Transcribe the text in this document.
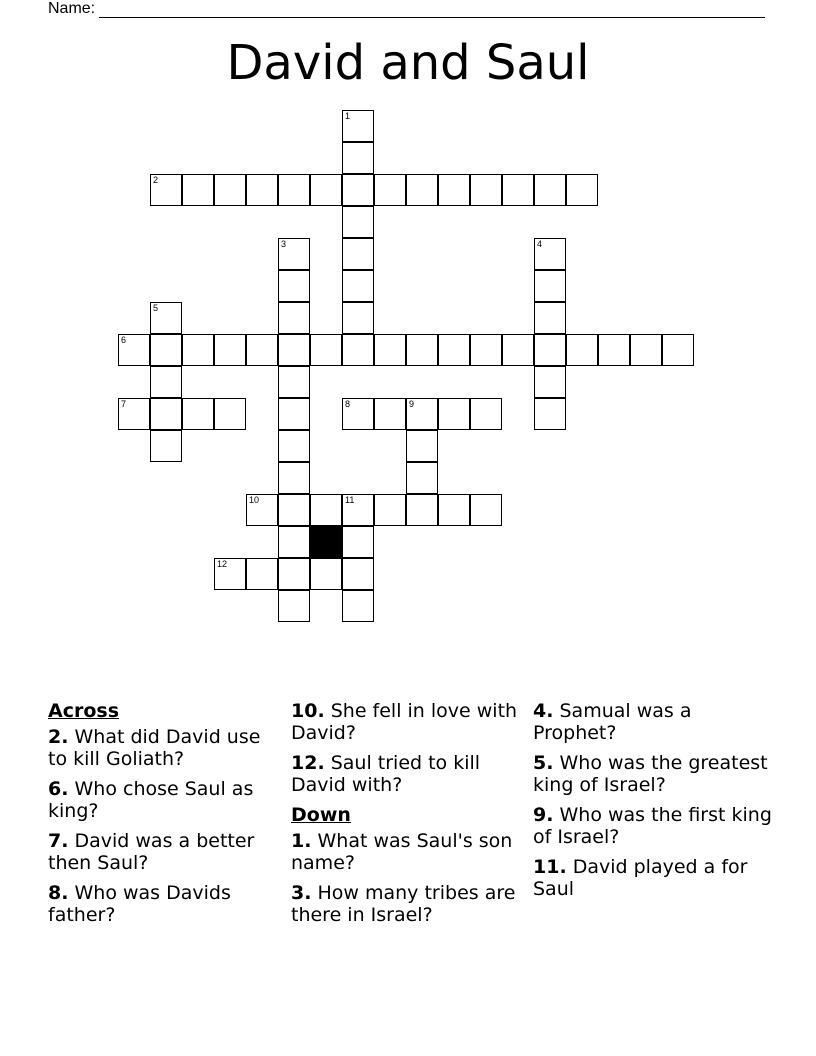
Name:
David and Saul
1
2
3	4
5
6
7	8	9
10	11
12
Across
2. What did David use to kill Goliath?
6. Who chose Saul as king?
7. David was a better then Saul?
8. Who was Davids father?
10. She fell in love with David?
12. Saul tried to kill David with?
Down
1. What was Saul's son name?
3. How many tribes are there in Israel?
4. Samual was a Prophet?
5. Who was the greatest king of Israel?
9. Who was the first king of Israel?
11. David played a for Saul
